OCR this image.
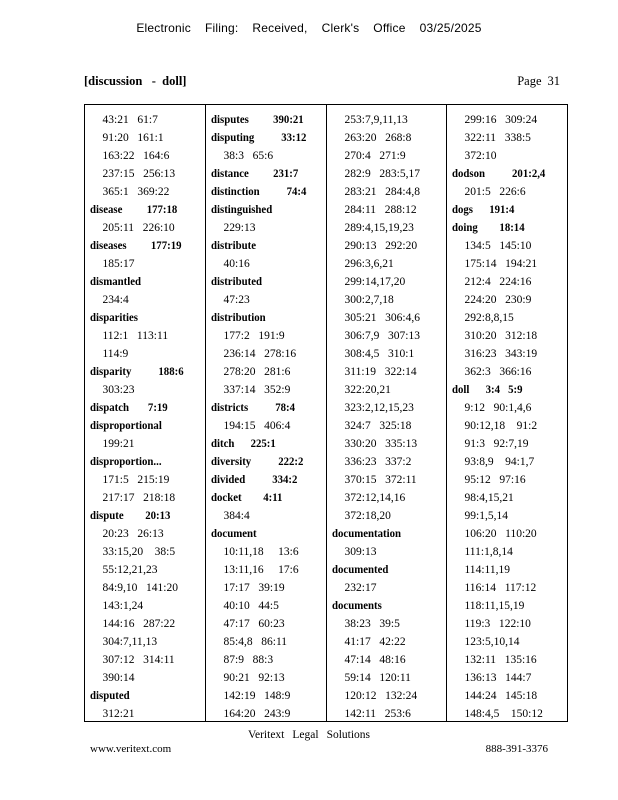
Electronic Filing: Received, Clerk's Office 03/25/2025
[discussion   -  doll]	Page 31
43:21   61:7
91:20   161:1
163:22   164:6
237:15   256:13
365:1   369:22
disease         177:18
205:11   226:10
diseases         177:19
185:17
dismantled
234:4
disparities
112:1   113:11
114:9
disparity          188:6
303:23
dispatch       7:19
disproportional
199:21
disproportion...
171:5   215:19
217:17   218:18
dispute        20:13
20:23   26:13
33:15,20    38:5
55:12,21,23
84:9,10   141:20
143:1,24
144:16   287:22
304:7,11,13
307:12   314:11
390:14
disputed
312:21
disputes         390:21
disputing          33:12
38:3   65:6
distance         231:7
distinction          74:4
distinguished
229:13
distribute
40:16
distributed
47:23
distribution
177:2   191:9
236:14   278:16
278:20   281:6
337:14   352:9
districts          78:4
194:15   406:4
ditch      225:1
diversity          222:2
divided          334:2
docket        4:11
384:4
document
10:11,18     13:6
13:11,16     17:6
17:17   39:19
40:10   44:5
47:17   60:23
85:4,8   86:11
87:9   88:3
90:21   92:13
142:19   148:9
164:20   243:9
253:7,9,11,13
263:20   268:8
270:4   271:9
282:9   283:5,17
283:21   284:4,8
284:11   288:12
289:4,15,19,23
290:13   292:20
296:3,6,21
299:14,17,20
300:2,7,18
305:21   306:4,6
306:7,9   307:13
308:4,5   310:1
311:19   322:14
322:20,21
323:2,12,15,23
324:7   325:18
330:20   335:13
336:23   337:2
370:15   372:11
372:12,14,16
372:18,20
documentation
309:13
documented
232:17
documents
38:23   39:5
41:17   42:22
47:14   48:16
59:14   120:11
120:12   132:24
142:11   253:6
299:16   309:24
322:11   338:5
372:10
dodson          201:2,4
201:5   226:6
dogs      191:4
doing        18:14
134:5   145:10
175:14   194:21
212:4   224:16
224:20   230:9
292:8,8,15
310:20   312:18
316:23   343:19
362:3   366:16
doll      3:4   5:9
9:12   90:1,4,6
90:12,18    91:2
91:3   92:7,19
93:8,9    94:1,7
95:12   97:16
98:4,15,21
99:1,5,14
106:20   110:20
111:1,8,14
114:11,19
116:14   117:12
118:11,15,19
119:3   122:10
123:5,10,14
132:11   135:16
136:13   144:7
144:24   145:18
148:4,5    150:12
Veritext Legal Solutions
www.veritext.com	888-391-3376
